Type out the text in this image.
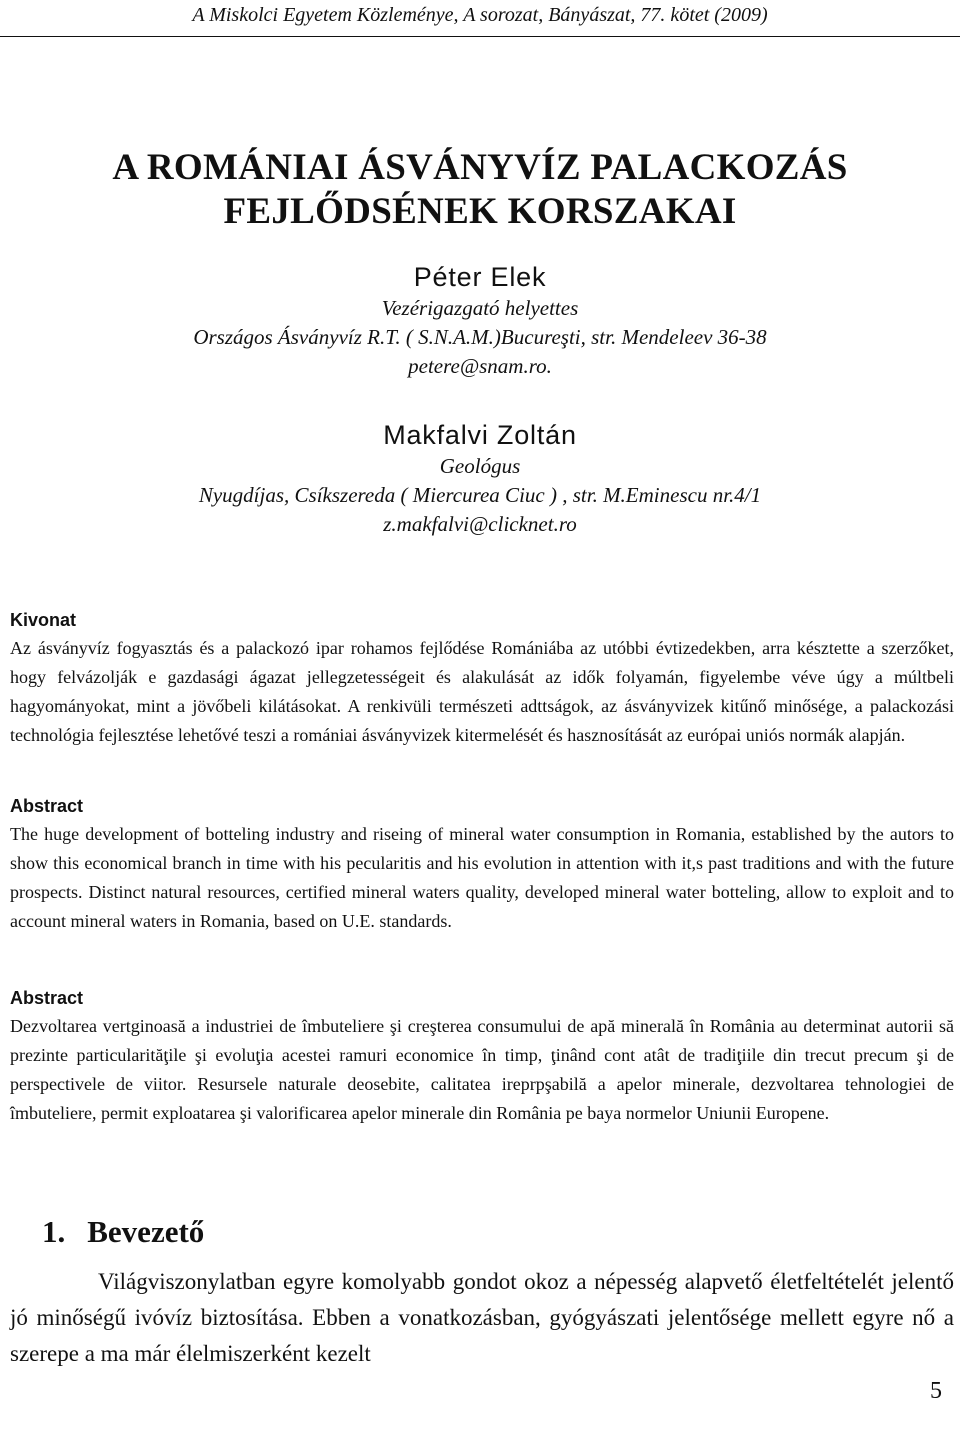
A Miskolci Egyetem Közleménye, A sorozat, Bányászat, 77. kötet (2009)
A ROMÁNIAI ÁSVÁNYVÍZ PALACKOZÁS
FEJLŐDSÉNEK KORSZAKAI
Péter Elek
Vezérigazgató helyettes
Országos Ásványvíz R.T. ( S.N.A.M.)Bucureşti, str. Mendeleev 36-38
petere@snam.ro.
Makfalvi Zoltán
Geológus
Nyugdíjas, Csíkszereda ( Miercurea Ciuc ) , str. M.Eminescu nr.4/1
z.makfalvi@clicknet.ro
Kivonat
Az ásványvíz fogyasztás és a palackozó ipar rohamos fejlődése Romániába az utóbbi évtizedekben, arra késztette a szerzőket, hogy felvázolják e gazdasági ágazat jellegzetességeit és alakulását az idők folyamán, figyelembe véve úgy a múltbeli hagyományokat, mint a jövőbeli kilátásokat. A renkivüli természeti adttságok, az ásványvizek kitűnő minősége, a palackozási technológia fejlesztése lehetővé teszi a romániai ásványvizek kitermelését és hasznosítását az európai uniós normák alapján.
Abstract
The huge development of botteling industry and riseing of mineral water consumption in Romania, established by the autors to show this economical branch in time with his pecularitis and his evolution in attention with it,s past traditions and with the future prospects. Distinct natural resources, certified mineral waters quality, developed mineral water botteling, allow to exploit and to account mineral waters in Romania, based on U.E. standards.
Abstract
Dezvoltarea vertginoasă a industriei de îmbuteliere şi creşterea consumului de apă minerală în România au determinat autorii să prezinte particularităţile şi evoluţia acestei ramuri economice în timp, ţinând cont atât de tradiţiile din trecut precum şi de perspectivele de viitor. Resursele naturale deosebite, calitatea ireprpşabilă a apelor minerale, dezvoltarea tehnologiei de îmbuteliere, permit exploatarea şi valorificarea apelor minerale din România pe baya normelor Uniunii Europene.
1. Bevezető
Világviszonylatban egyre komolyabb gondot okoz a népesség alapvető életfeltételét jelentő jó minőségű ivóvíz biztosítása. Ebben a vonatkozásban, gyógyászati jelentősége mellett egyre nő a szerepe a ma már élelmiszerként kezelt
5
